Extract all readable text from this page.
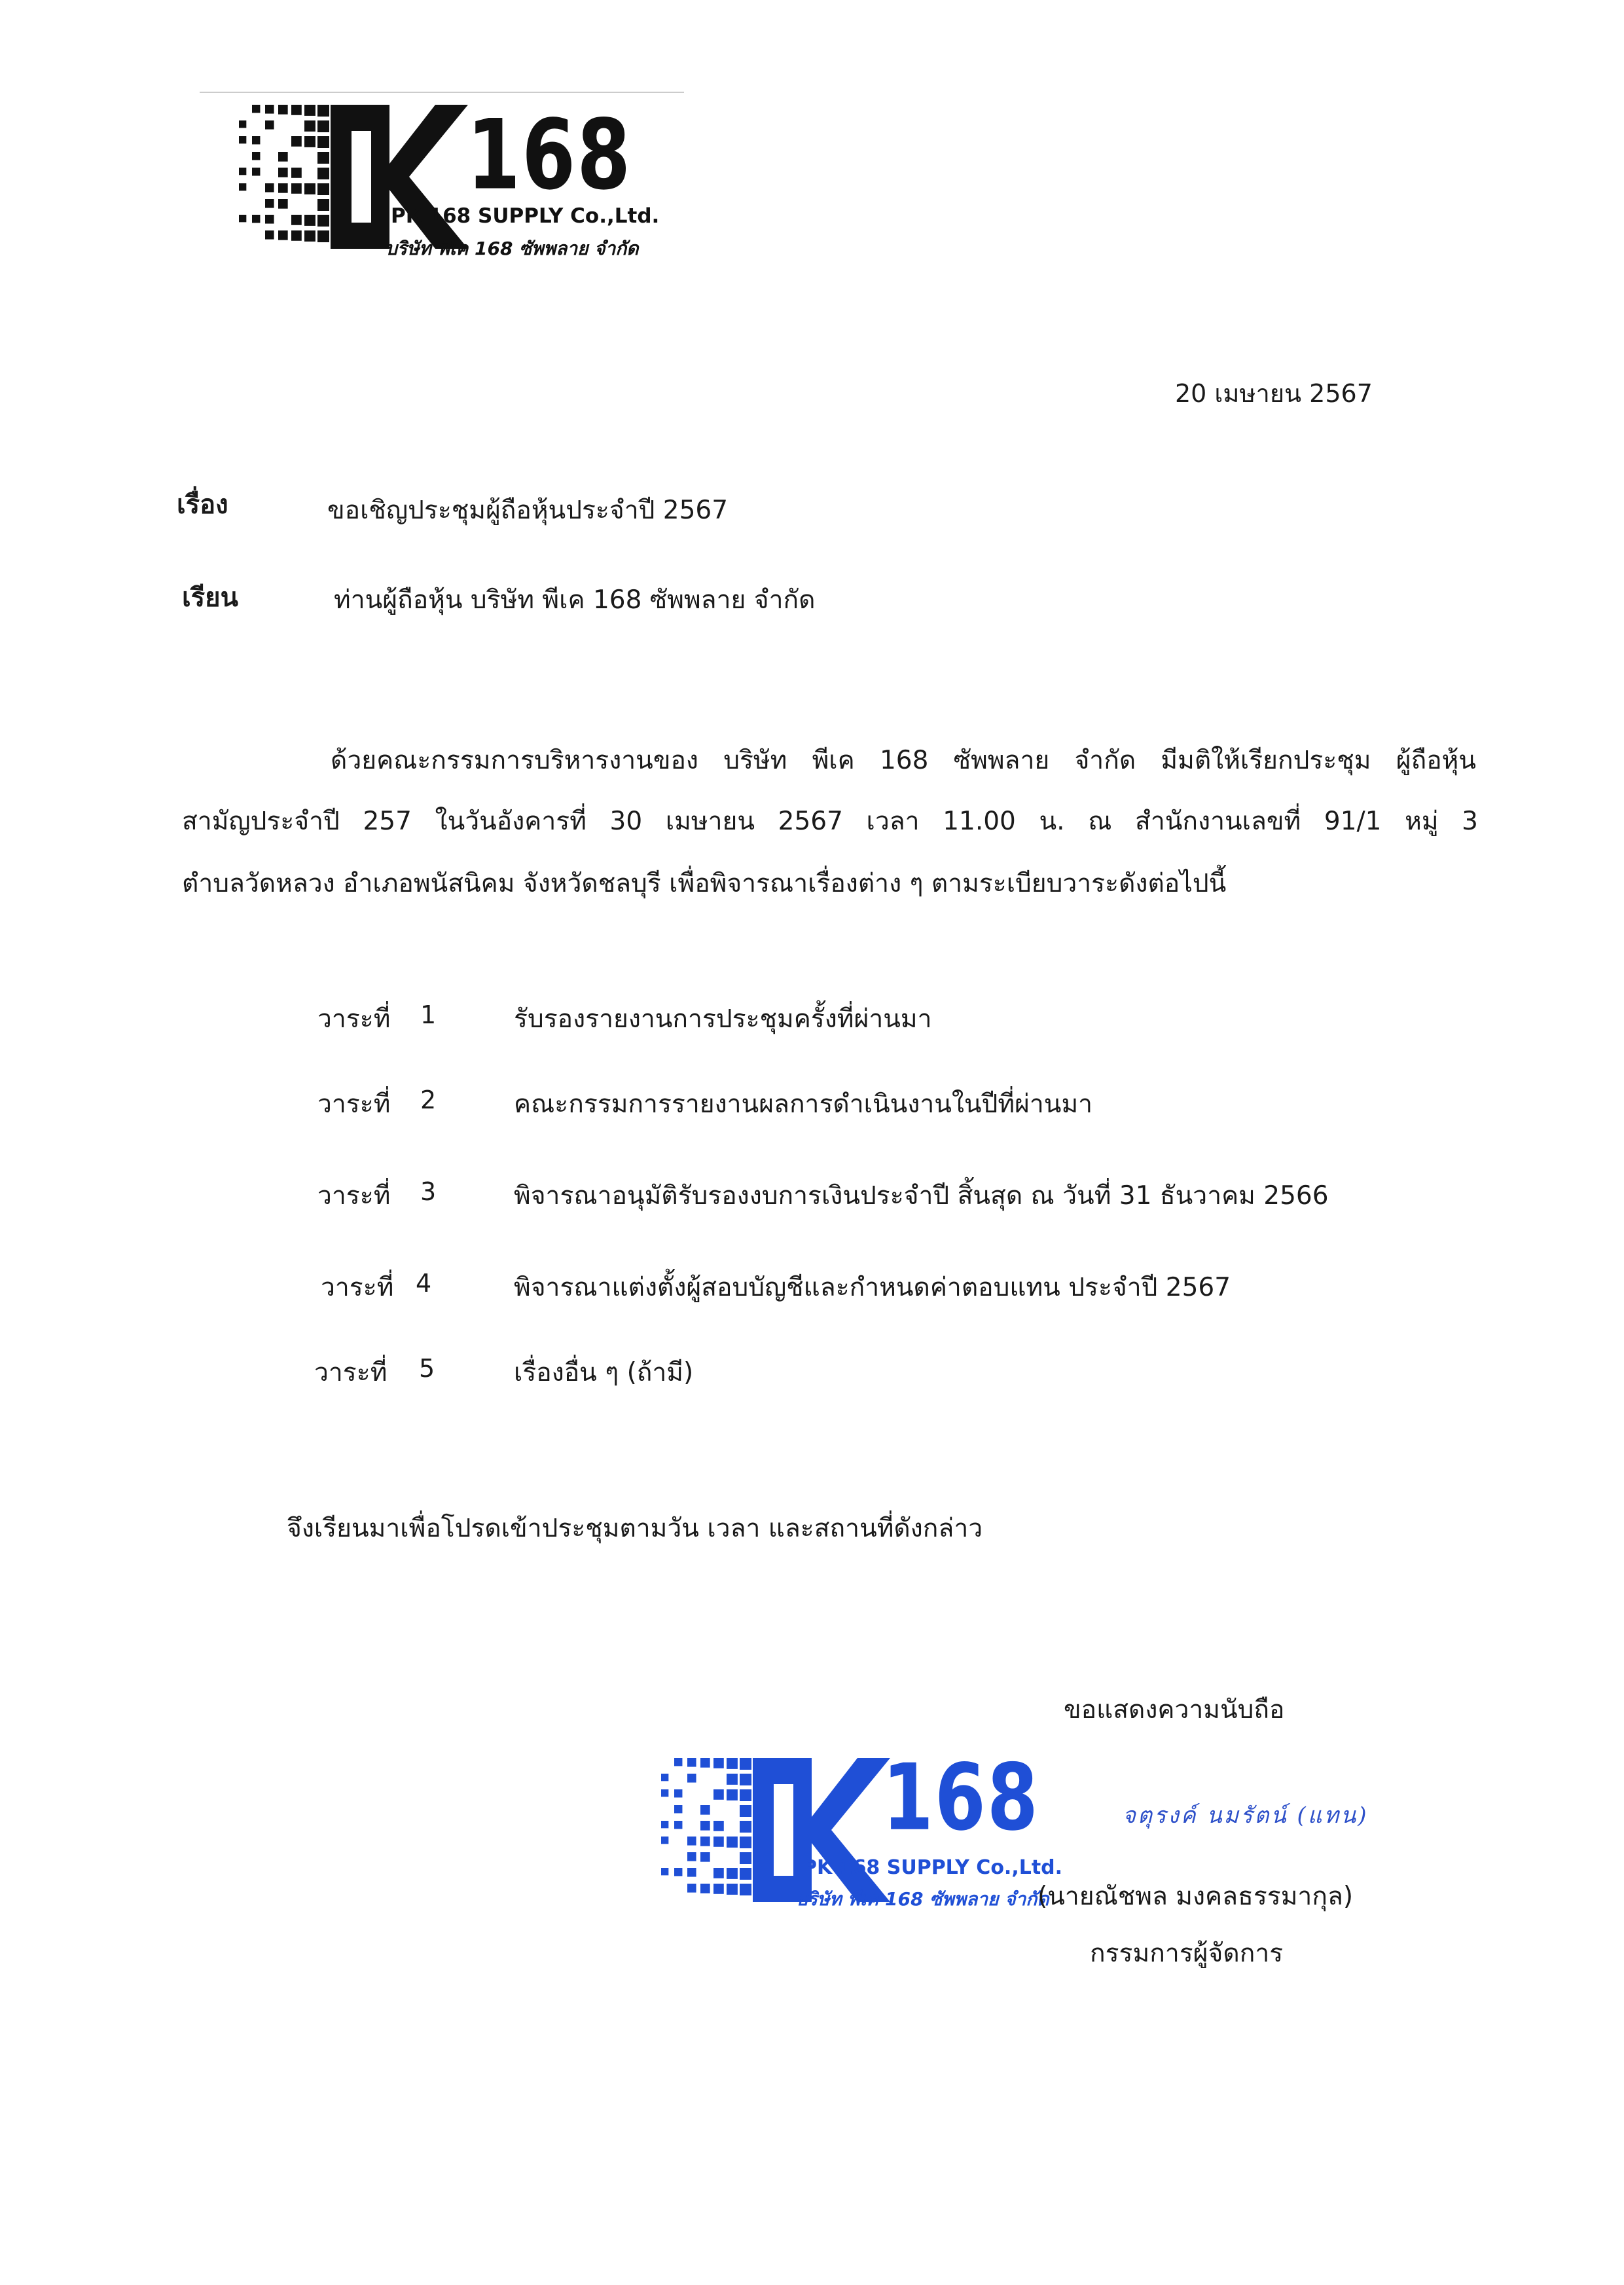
168
PK 168 SUPPLY Co.,Ltd.
บริษัท พีเค 168 ซัพพลาย จำกัด
20 เมษายน 2567
เรื่อง	ขอเชิญประชุมผู้ถือหุ้นประจำปี 2567
เรียน	ท่านผู้ถือหุ้น บริษัท พีเค 168 ซัพพลาย จำกัด
ด้วยคณะกรรมการบริหารงานของ บริษัท พีเค 168 ซัพพลาย จำกัด มีมติให้เรียกประชุม ผู้ถือหุ้น
สามัญประจำปี 257 ในวันอังคารที่ 30 เมษายน 2567 เวลา 11.00 น. ณ สำนักงานเลขที่ 91/1 หมู่ 3
ตำบลวัดหลวง อำเภอพนัสนิคม จังหวัดชลบุรี เพื่อพิจารณาเรื่องต่าง ๆ ตามระเบียบวาระดังต่อไปนี้
วาระที่ 1	รับรองรายงานการประชุมครั้งที่ผ่านมา
วาระที่ 2	คณะกรรมการรายงานผลการดำเนินงานในปีที่ผ่านมา
วาระที่ 3	พิจารณาอนุมัติรับรองงบการเงินประจำปี สิ้นสุด ณ วันที่ 31 ธันวาคม 2566
วาระที่ 4	พิจารณาแต่งตั้งผู้สอบบัญชีและกำหนดค่าตอบแทน ประจำปี 2567
วาระที่ 5	เรื่องอื่น ๆ (ถ้ามี)
จึงเรียนมาเพื่อโปรดเข้าประชุมตามวัน เวลา และสถานที่ดังกล่าว
ขอแสดงความนับถือ
168
PK 168 SUPPLY Co.,Ltd.
บริษัท พีเค 168 ซัพพลาย จำกัด
จตุรงค์ นมรัตน์ (แทน)
(นายณัชพล มงคลธรรมากุล)
กรรมการผู้จัดการ
